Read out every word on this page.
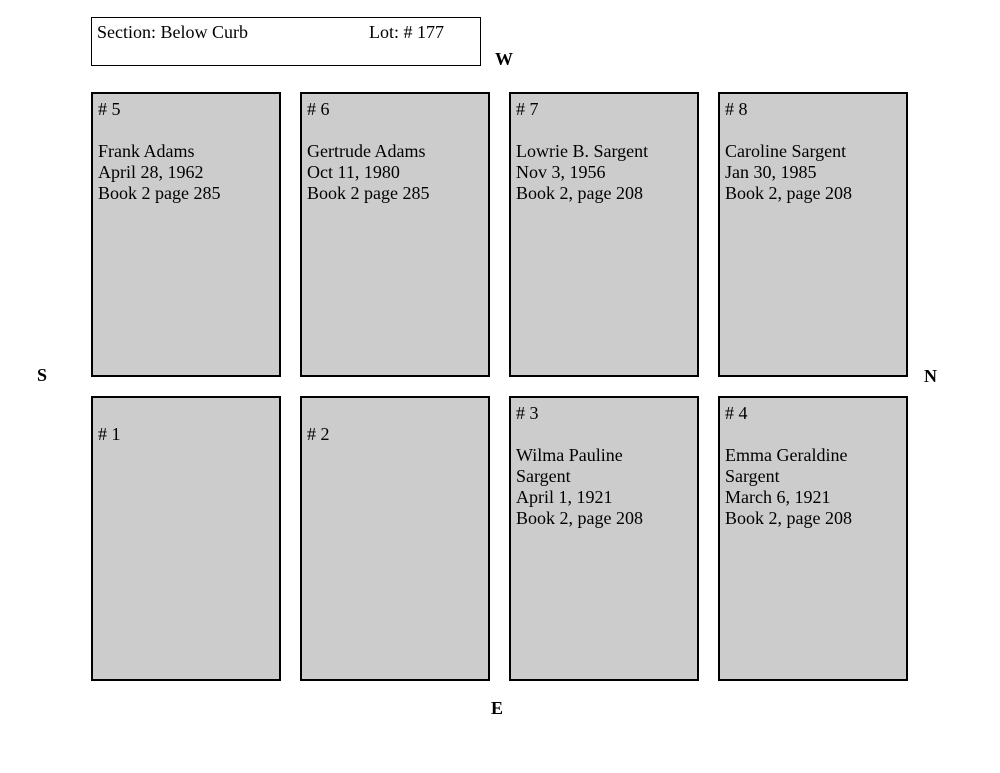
Section: Below Curb	Lot: # 177
W
S	N
E
# 5
Frank Adams
April 28, 1962
Book 2 page 285
# 6
Gertrude Adams
Oct 11, 1980
Book 2 page 285
# 7
Lowrie B. Sargent
Nov 3, 1956
Book 2, page 208
# 8
Caroline Sargent
Jan 30, 1985
Book 2, page 208
# 1	# 2
# 3
Wilma Pauline
Sargent
April 1, 1921
Book 2, page 208
# 4
Emma Geraldine
Sargent
March 6, 1921
Book 2, page 208
